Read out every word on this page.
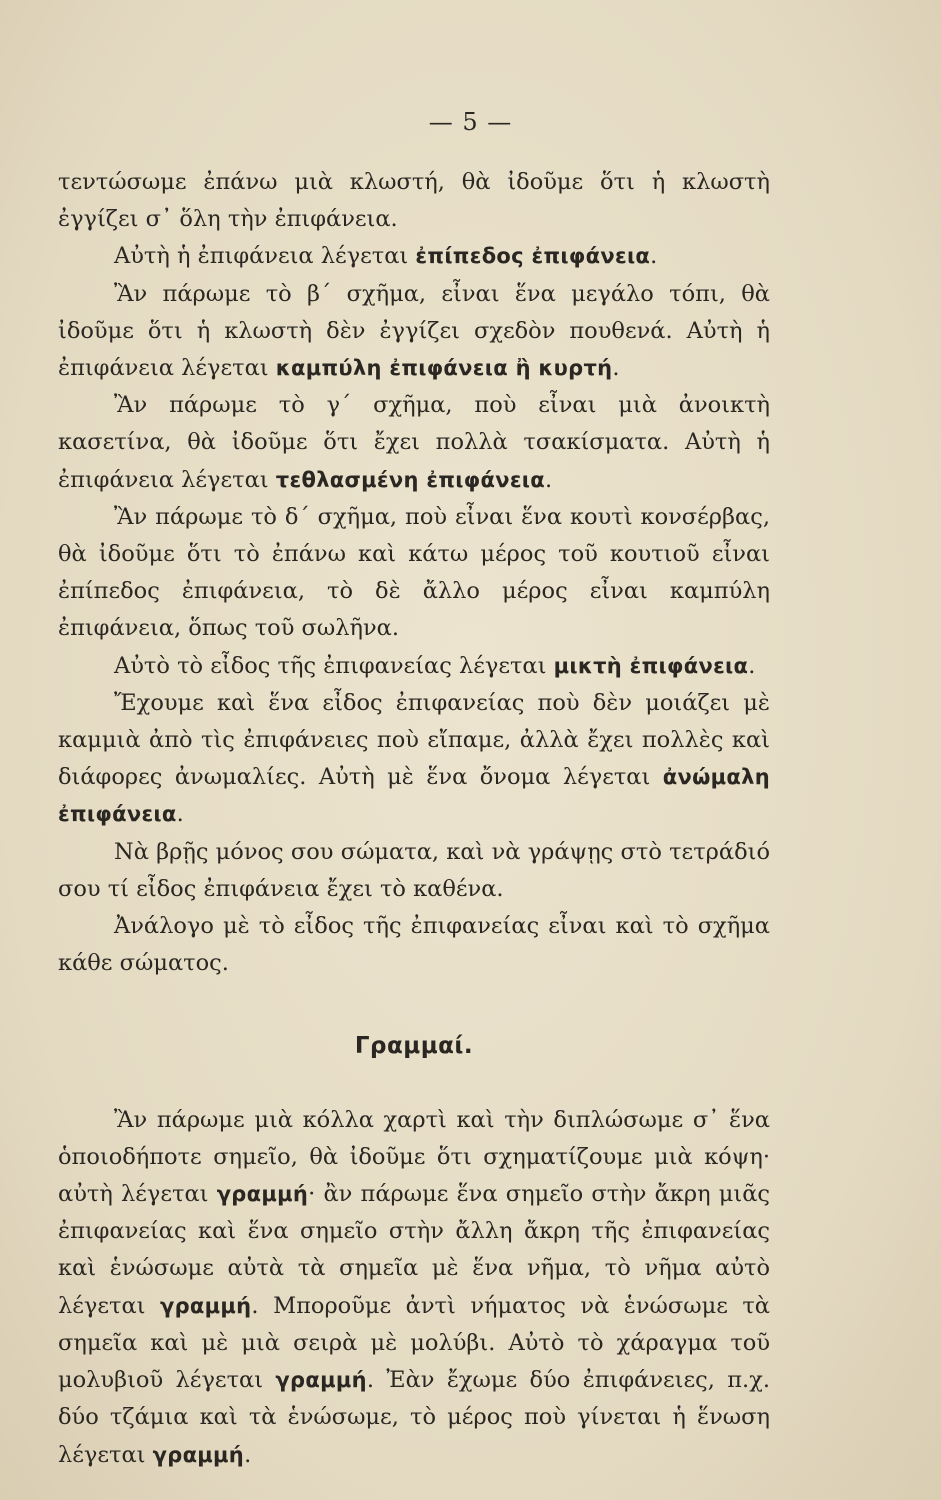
— 5 —

τεντώσωμε ἐπάνω μιὰ κλωστή, θὰ ἰδοῦμε ὅτι ἡ κλωστὴ ἐγγίζει σ᾽ ὅλη τὴν ἐπιφάνεια.

Αὐτὴ ἡ ἐπιφάνεια λέγεται ἐπίπεδος ἐπιφάνεια.

Ἂν πάρωμε τὸ β΄ σχῆμα, εἶναι ἕνα μεγάλο τόπι, θὰ ἰδοῦμε ὅτι ἡ κλωστὴ δὲν ἐγγίζει σχεδὸν πουθενά. Αὐτὴ ἡ ἐπιφάνεια λέγεται καμπύλη ἐπιφάνεια ἢ κυρτή.

Ἂν πάρωμε τὸ γ΄ σχῆμα, ποὺ εἶναι μιὰ ἀνοικτὴ κασετίνα, θὰ ἰδοῦμε ὅτι ἔχει πολλὰ τσακίσματα. Αὐτὴ ἡ ἐπιφάνεια λέγεται τεθλασμένη ἐπιφάνεια.

Ἂν πάρωμε τὸ δ΄ σχῆμα, ποὺ εἶναι ἕνα κουτὶ κονσέρβας, θὰ ἰδοῦμε ὅτι τὸ ἐπάνω καὶ κάτω μέρος τοῦ κουτιοῦ εἶναι ἐπίπεδος ἐπιφάνεια, τὸ δὲ ἄλλο μέρος εἶναι καμπύλη ἐπιφάνεια, ὅπως τοῦ σωλῆνα.

Αὐτὸ τὸ εἶδος τῆς ἐπιφανείας λέγεται μικτὴ ἐπιφάνεια.

Ἔχουμε καὶ ἕνα εἶδος ἐπιφανείας ποὺ δὲν μοιάζει μὲ καμμιὰ ἀπὸ τὶς ἐπιφάνειες ποὺ εἴπαμε, ἀλλὰ ἔχει πολλὲς καὶ διάφορες ἀνωμαλίες. Αὐτὴ μὲ ἕνα ὄνομα λέγεται ἀνώμαλη ἐπιφάνεια.

Νὰ βρῇς μόνος σου σώματα, καὶ νὰ γράψῃς στὸ τετράδιό σου τί εἶδος ἐπιφάνεια ἔχει τὸ καθένα.

Ἀνάλογο μὲ τὸ εἶδος τῆς ἐπιφανείας εἶναι καὶ τὸ σχῆμα κάθε σώματος.

Γραμμαί.

Ἂν πάρωμε μιὰ κόλλα χαρτὶ καὶ τὴν διπλώσωμε σ᾽ ἕνα ὁποιοδήποτε σημεῖο, θὰ ἰδοῦμε ὅτι σχηματίζουμε μιὰ κόψη· αὐτὴ λέγεται γραμμή· ἂν πάρωμε ἕνα σημεῖο στὴν ἄκρη μιᾶς ἐπιφανείας καὶ ἕνα σημεῖο στὴν ἄλλη ἄκρη τῆς ἐπιφανείας καὶ ἑνώσωμε αὐτὰ τὰ σημεῖα μὲ ἕνα νῆμα, τὸ νῆμα αὐτὸ λέγεται γραμμή. Μποροῦμε ἀντὶ νήματος νὰ ἑνώσωμε τὰ σημεῖα καὶ μὲ μιὰ σειρὰ μὲ μολύβι. Αὐτὸ τὸ χάραγμα τοῦ μολυβιοῦ λέγεται γραμμή. Ἐὰν ἔχωμε δύο ἐπιφάνειες, π.χ. δύο τζάμια καὶ τὰ ἑνώσωμε, τὸ μέρος ποὺ γίνεται ἡ ἕνωση λέγεται γραμμή.
